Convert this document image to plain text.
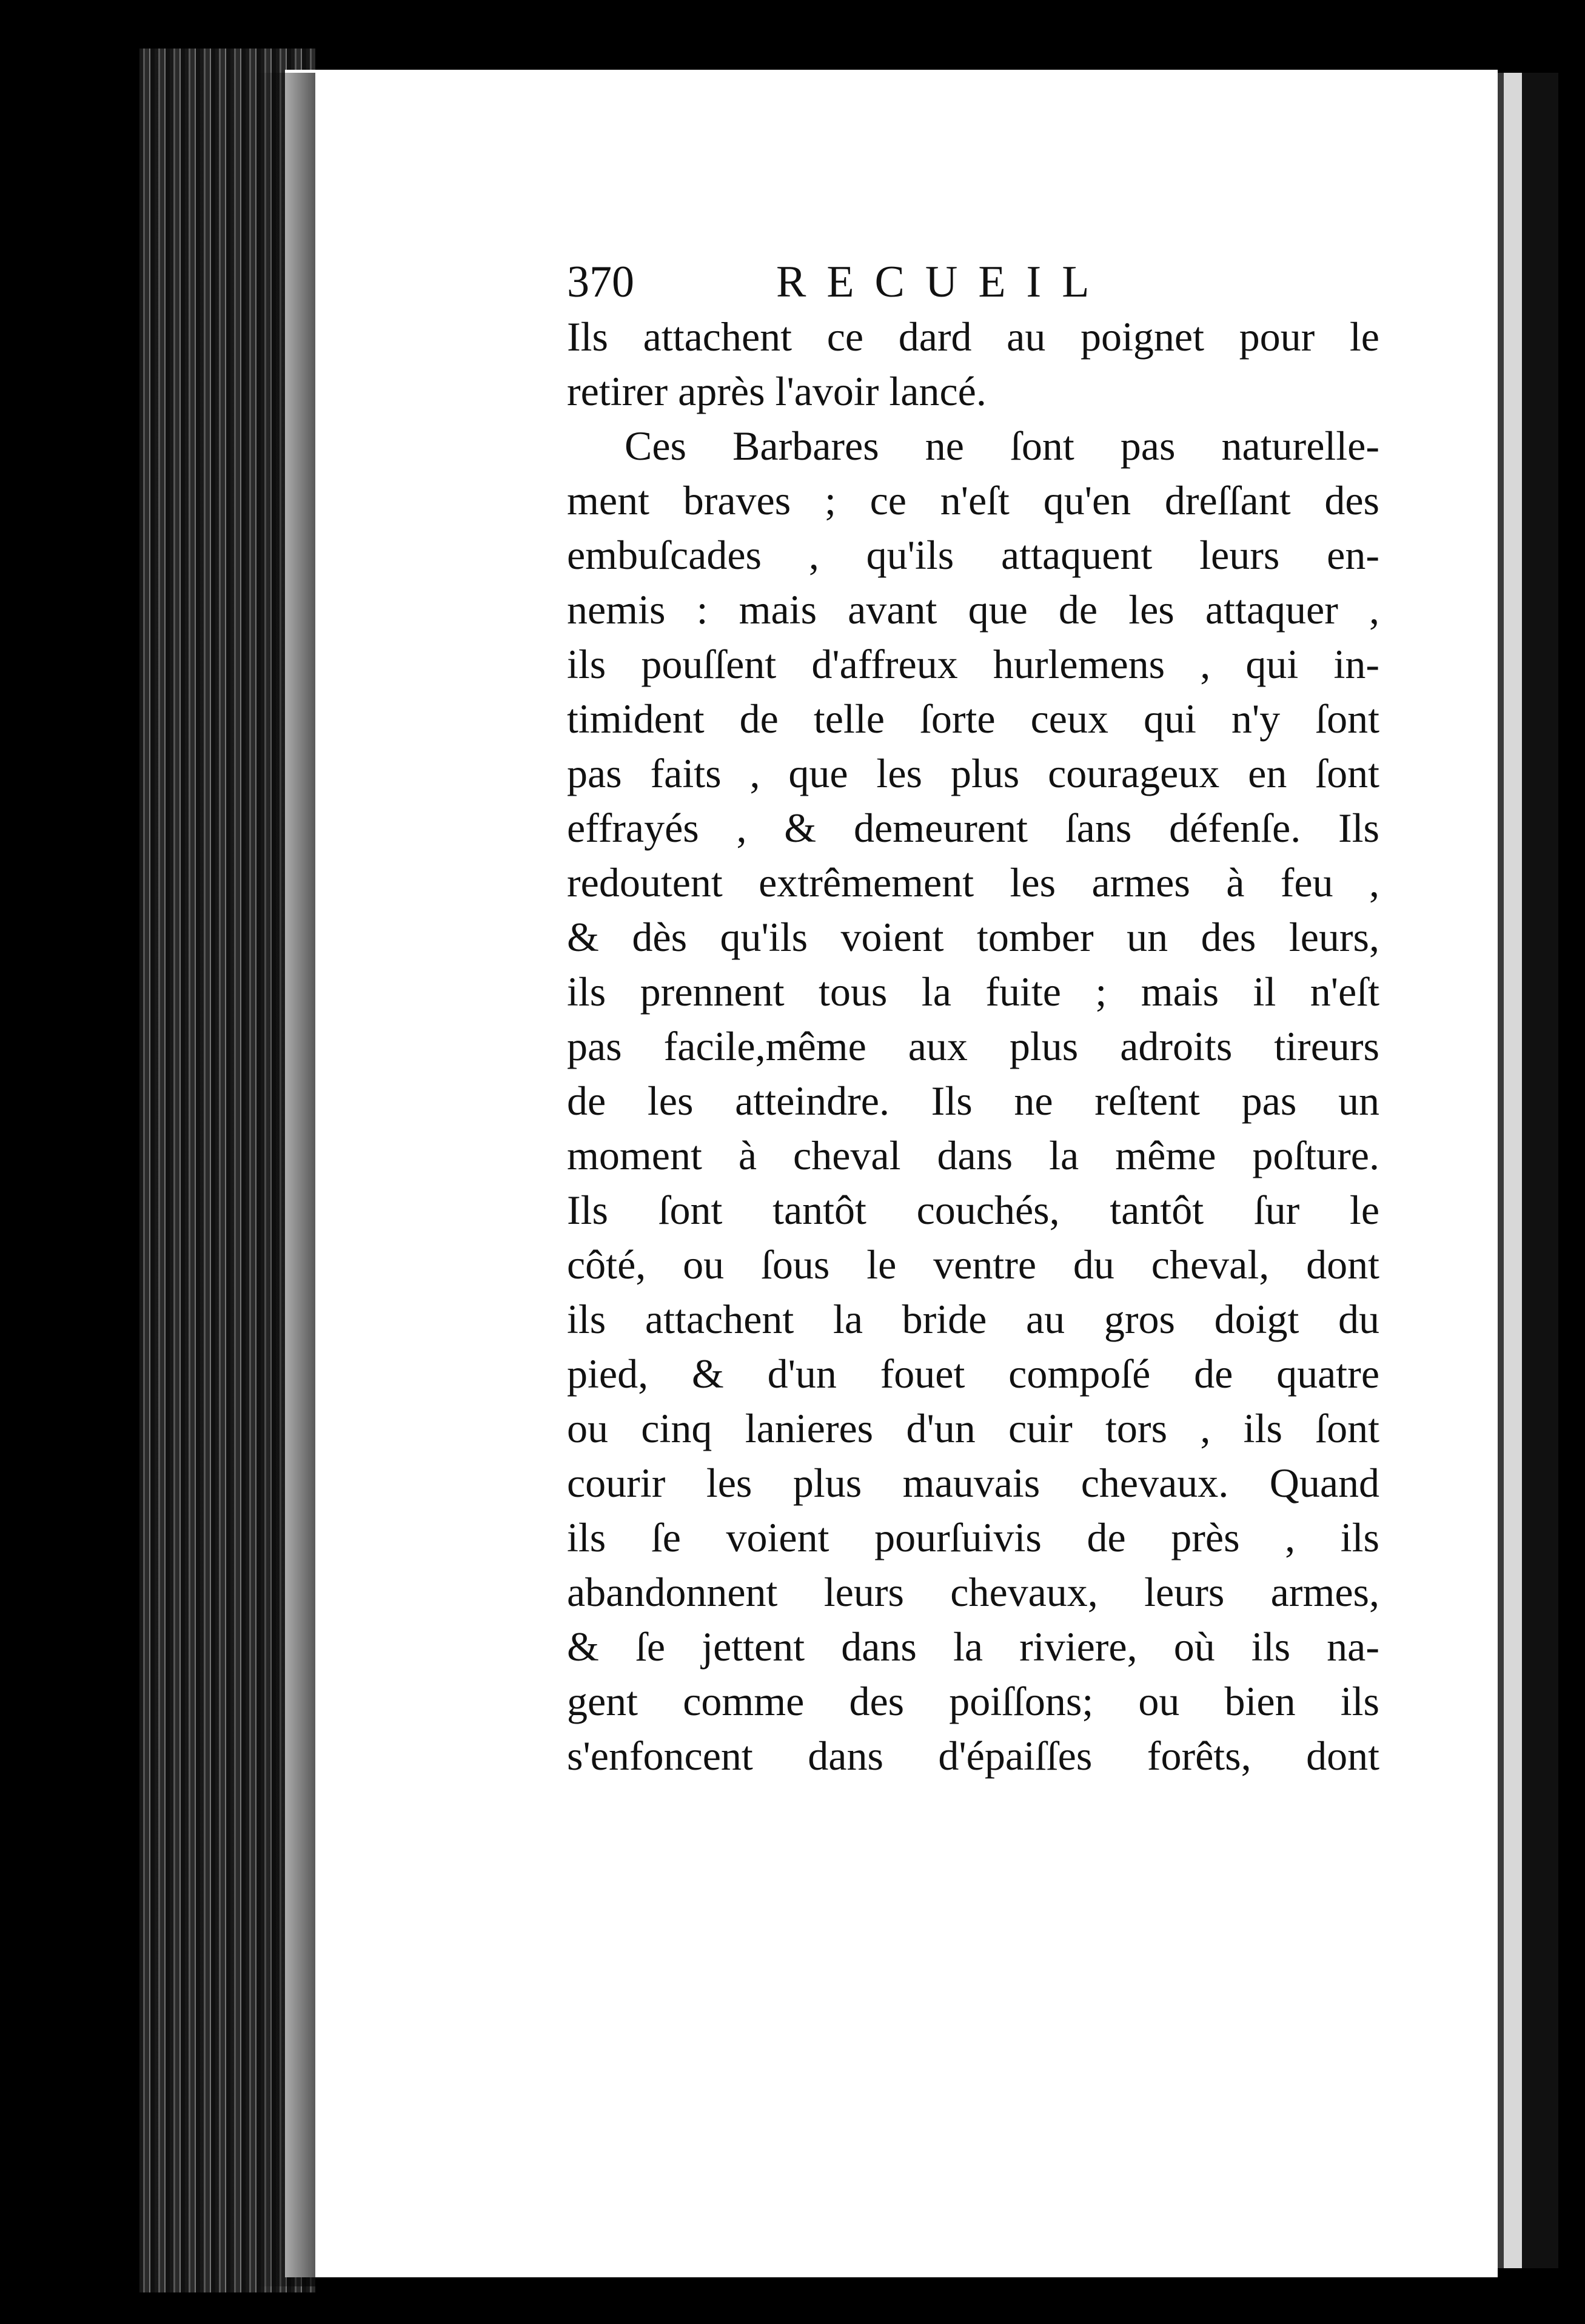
370	RECUEIL
Ils attachent ce dard au poignet pour le
retirer après l'avoir lancé.
Ces Barbares ne ſont pas naturelle-
ment braves ; ce n'eſt qu'en dreſſant des
embuſcades , qu'ils attaquent leurs en-
nemis : mais avant que de les attaquer ,
ils pouſſent d'affreux hurlemens , qui in-
timident de telle ſorte ceux qui n'y ſont
pas faits , que les plus courageux en ſont
effrayés , & demeurent ſans défenſe. Ils
redoutent extrêmement les armes à feu ,
& dès qu'ils voient tomber un des leurs,
ils prennent tous la fuite ; mais il n'eſt
pas facile,même aux plus adroits tireurs
de les atteindre. Ils ne reſtent pas un
moment à cheval dans la même poſture.
Ils ſont tantôt couchés, tantôt ſur le
côté, ou ſous le ventre du cheval, dont
ils attachent la bride au gros doigt du
pied, & d'un fouet compoſé de quatre
ou cinq lanieres d'un cuir tors , ils ſont
courir les plus mauvais chevaux. Quand
ils ſe voient pourſuivis de près , ils
abandonnent leurs chevaux, leurs armes,
& ſe jettent dans la riviere, où ils na-
gent comme des poiſſons; ou bien ils
s'enfoncent dans d'épaiſſes forêts, dont
